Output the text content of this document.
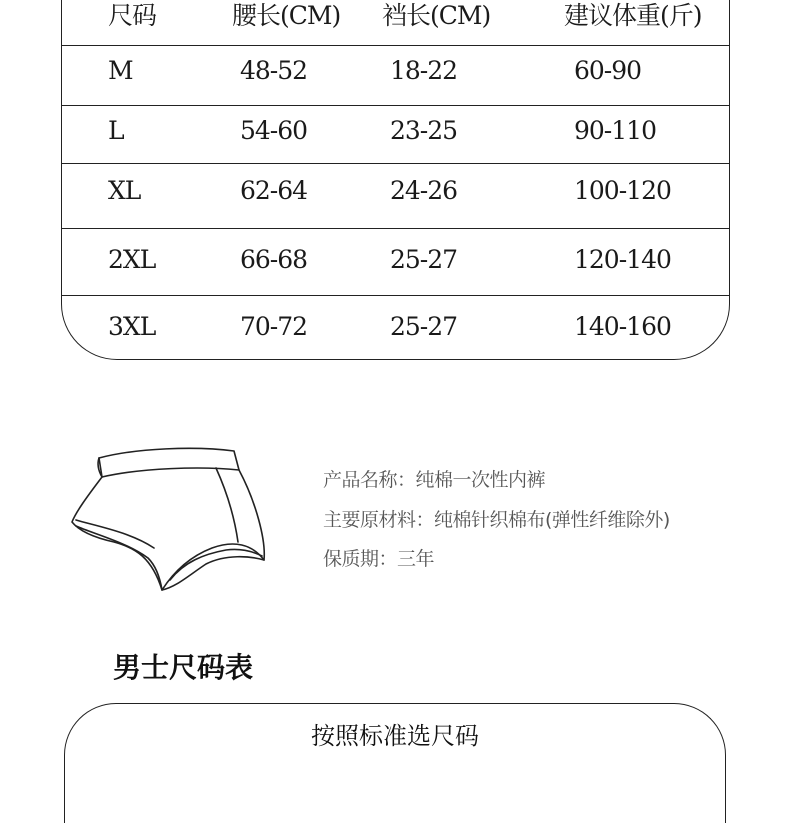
尺码	腰长(CM) 裆长(CM)	建议体重(斤)
M	48-52	18-22	60-90
L	54-60	23-25	90-110
XL	62-64	24-26	100-120
2XL	66-68	25-27	120-140
3XL	70-72	25-27	140-160
产品名称：纯棉一次性内裤
主要原材料：纯棉针织棉布(弹性纤维除外)
保质期：三年
男士尺码表
按照标准选尺码
